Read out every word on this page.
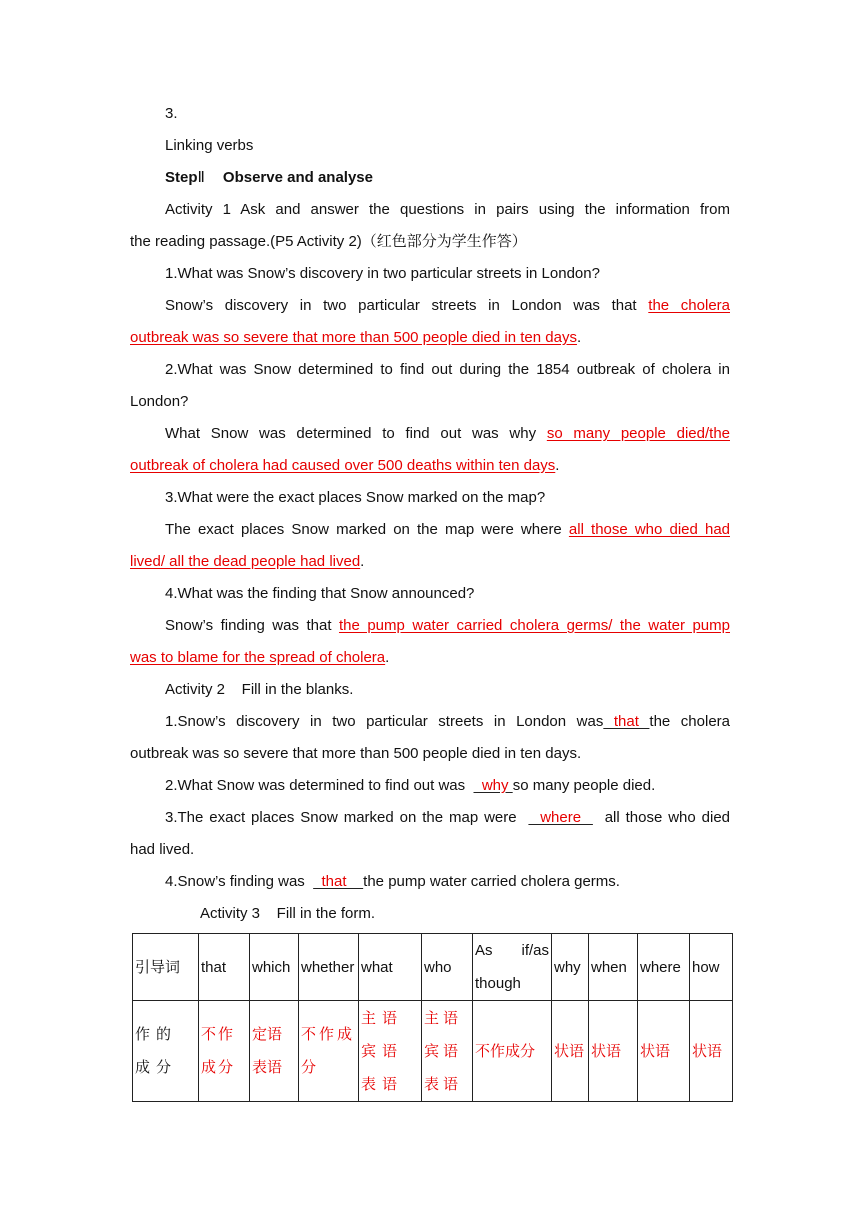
3.
Linking verbs
StepⅡ Observe and analyse
Activity 1 Ask and answer the questions in pairs using the information from
the reading passage.(P5 Activity 2)（红色部分为学生作答）
1.What was Snow’s discovery in two particular streets in London?
Snow’s discovery in two particular streets in London was that the cholera
outbreak was so severe that more than 500 people died in ten days.
2.What was Snow determined to find out during the 1854 outbreak of cholera in
London?
What Snow was determined to find out was why so many people died/the
outbreak of cholera had caused over 500 deaths within ten days.
3.What were the exact places Snow marked on the map?
The exact places Snow marked on the map were where all those who died had
lived/ all the dead people had lived.
4.What was the finding that Snow announced?
Snow’s finding was that the pump water carried cholera germs/ the water pump
was to blame for the spread of cholera.
Activity 2    Fill in the blanks.
1.Snow’s discovery in two particular streets in London was that the cholera
outbreak was so severe that more than 500 people died in ten days.
2.What Snow was determined to find out was    why so many people died.
3.The exact places Snow marked on the map were    where    all those who died
had lived.
4.Snow’s finding was    that    the pump water carried cholera germs.
Activity 3    Fill in the form.
引导词	that	which	whether	what	who	As if/as though	why	when	where	how
作的成分	不作成分	定语表语	不作成分	主语宾语表语	主语宾语表语	不作成分	状语	状语	状语	状语
